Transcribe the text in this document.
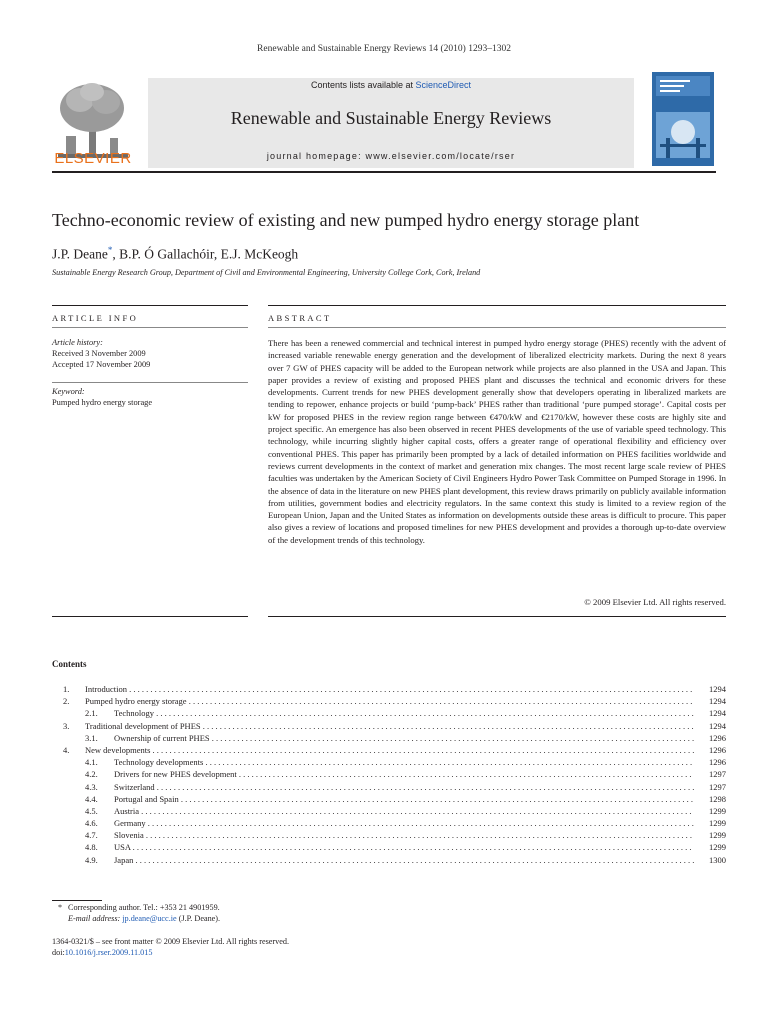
Renewable and Sustainable Energy Reviews 14 (2010) 1293–1302
ELSEVIER
Contents lists available at ScienceDirect
Renewable and Sustainable Energy Reviews
journal homepage: www.elsevier.com/locate/rser
Techno-economic review of existing and new pumped hydro energy storage plant
J.P. Deane*, B.P. Ó Gallachóir, E.J. McKeogh
Sustainable Energy Research Group, Department of Civil and Environmental Engineering, University College Cork, Cork, Ireland
ARTICLE INFO
Article history:
Received 3 November 2009
Accepted 17 November 2009
Keyword:
Pumped hydro energy storage
ABSTRACT
There has been a renewed commercial and technical interest in pumped hydro energy storage (PHES) recently with the advent of increased variable renewable energy generation and the development of liberalized electricity markets. During the next 8 years over 7 GW of PHES capacity will be added to the European network while projects are also planned in the USA and Japan. This paper provides a review of existing and proposed PHES plant and discusses the technical and economic drivers for these developments. Current trends for new PHES development generally show that developers operating in liberalized markets are tending to repower, enhance projects or build ‘pump-back’ PHES rather than traditional ‘pure pumped storage’. Capital costs per kW for proposed PHES in the review region range between €470/kW and €2170/kW, however these costs are highly site and project specific. An emergence has also been observed in recent PHES developments of the use of variable speed technology. This technology, while incurring slightly higher capital costs, offers a greater range of operational flexibility and efficiency over conventional PHES. This paper has primarily been prompted by a lack of detailed information on PHES facilities worldwide and reviews current developments in the context of market and generation mix changes. The most recent large scale review of PHES faculties was undertaken by the American Society of Civil Engineers Hydro Power Task Committee on Pumped Storage in 1996. In the absence of data in the literature on new PHES plant development, this review draws primarily on publicly available information from utilities, government bodies and electricity regulators. In the same context this study is limited to a review region of the European Union, Japan and the United States as information on developments outside these areas is difficult to procure. This paper also gives a review of locations and proposed timelines for new PHES development and provides a thorough up-to-date overview of the development trends of this technology.
© 2009 Elsevier Ltd. All rights reserved.
Contents
1. Introduction . . .	1294
2. Pumped hydro energy storage . . .	1294
2.1. Technology . . .	1294
3. Traditional development of PHES . . .	1294
3.1. Ownership of current PHES . . .	1296
4. New developments . . .	1296
4.1. Technology developments . . .	1296
4.2. Drivers for new PHES development . . .	1297
4.3. Switzerland . . .	1297
4.4. Portugal and Spain . . .	1298
4.5. Austria . . .	1299
4.6. Germany . . .	1299
4.7. Slovenia . . .	1299
4.8. USA . . .	1299
4.9. Japan . . .	1300
* Corresponding author. Tel.: +353 21 4901959.
E-mail address: jp.deane@ucc.ie (J.P. Deane).
1364-0321/$ – see front matter © 2009 Elsevier Ltd. All rights reserved.
doi:10.1016/j.rser.2009.11.015
